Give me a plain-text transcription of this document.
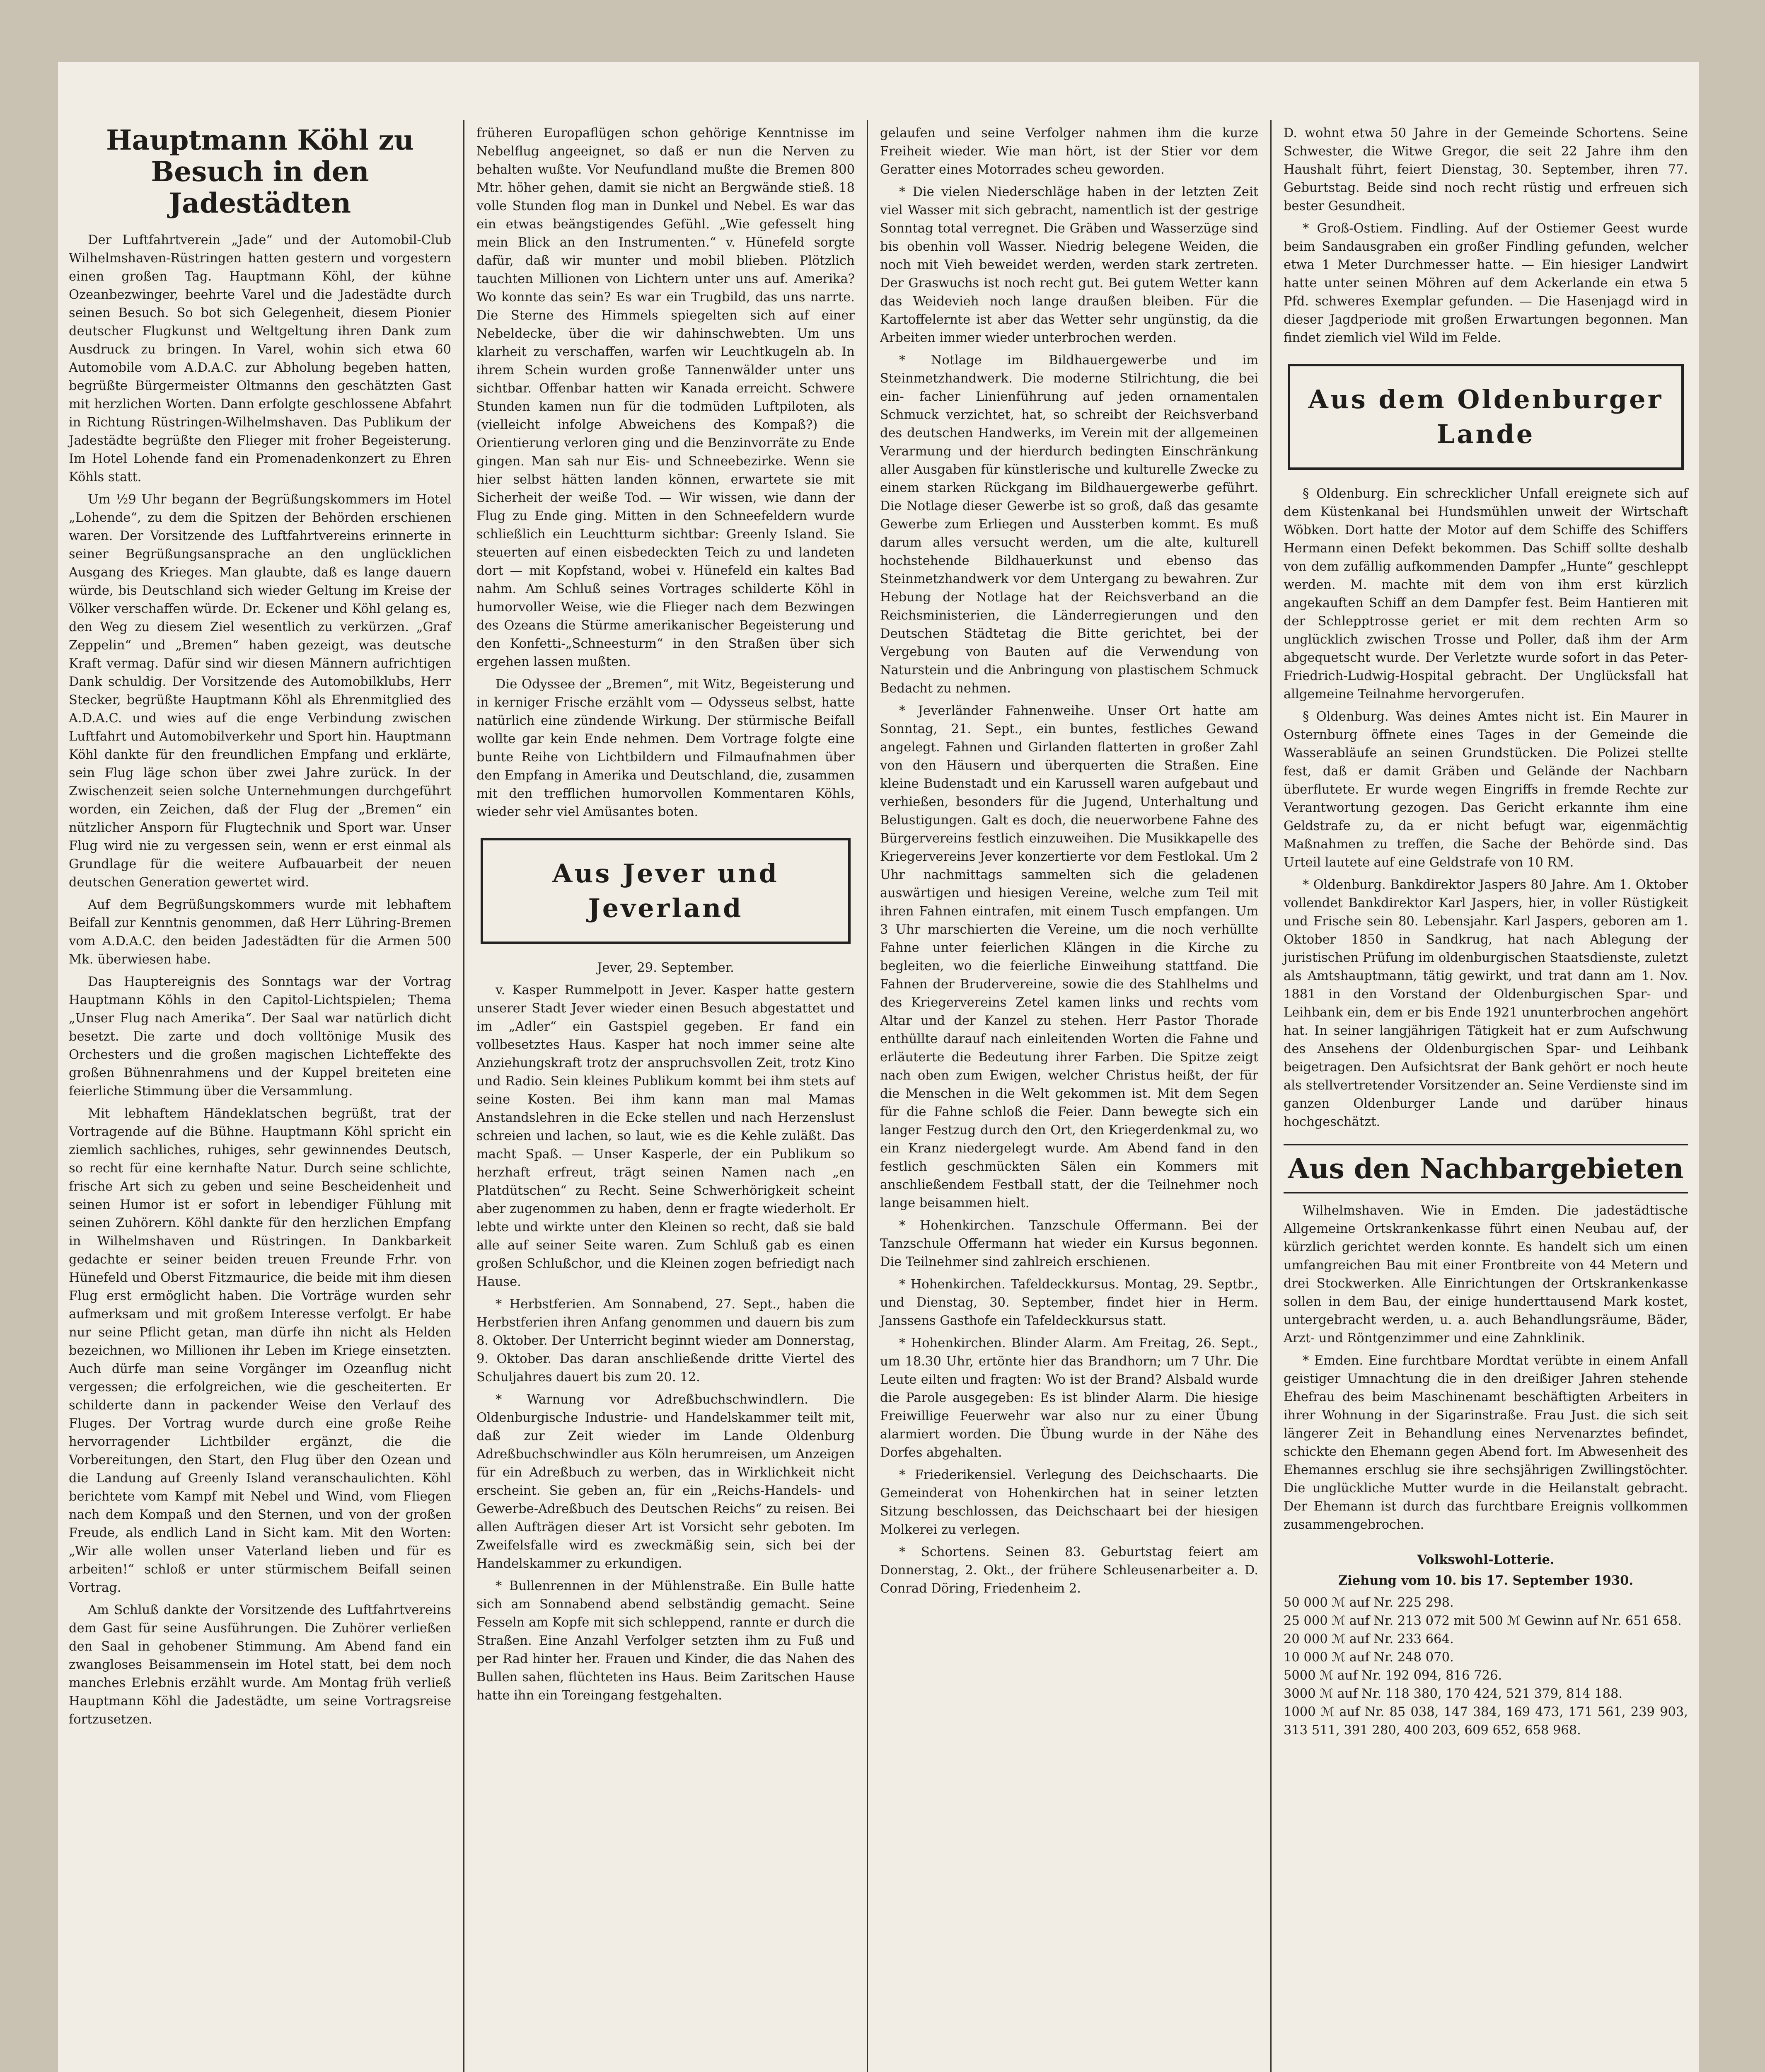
Hauptmann Köhl zu Besuch in den Jadestädten

Der Luftfahrtverein „Jade“ und der Automobil-Club Wilhelmshaven-Rüstringen hatten gestern und vorgestern einen großen Tag. Hauptmann Köhl, der kühne Ozeanbezwinger, beehrte Varel und die Jadestädte durch seinen Besuch. So bot sich Gelegenheit, diesem Pionier deutscher Flugkunst und Weltgeltung ihren Dank zum Ausdruck zu bringen. In Varel, wohin sich etwa 60 Automobile vom A.D.A.C. zur Abholung begeben hatten, begrüßte Bürgermeister Oltmanns den geschätzten Gast mit herzlichen Worten. Dann erfolgte geschlossene Abfahrt in Richtung Rüstringen-Wilhelmshaven. Das Publikum der Jadestädte begrüßte den Flieger mit froher Begeisterung. Im Hotel Lohende fand ein Promenadenkonzert zu Ehren Köhls statt.

Um ½9 Uhr begann der Begrüßungskommers im Hotel „Lohende“, zu dem die Spitzen der Behörden erschienen waren. Der Vorsitzende des Luftfahrtvereins erinnerte in seiner Begrüßungsansprache an den unglücklichen Ausgang des Krieges. Man glaubte, daß es lange dauern würde, bis Deutschland sich wieder Geltung im Kreise der Völker verschaffen würde. Dr. Eckener und Köhl gelang es, den Weg zu diesem Ziel wesentlich zu verkürzen. „Graf Zeppelin“ und „Bremen“ haben gezeigt, was deutsche Kraft vermag. Dafür sind wir diesen Männern aufrichtigen Dank schuldig. Der Vorsitzende des Automobilklubs, Herr Stecker, begrüßte Hauptmann Köhl als Ehrenmitglied des A.D.A.C. und wies auf die enge Verbindung zwischen Luftfahrt und Automobilverkehr und Sport hin. Hauptmann Köhl dankte für den freundlichen Empfang und erklärte, sein Flug läge schon über zwei Jahre zurück. In der Zwischenzeit seien solche Unternehmungen durchgeführt worden, ein Zeichen, daß der Flug der „Bremen“ ein nützlicher Ansporn für Flugtechnik und Sport war. Unser Flug wird nie zu vergessen sein, wenn er erst einmal als Grundlage für die weitere Aufbauarbeit der neuen deutschen Generation gewertet wird.

Auf dem Begrüßungskommers wurde mit lebhaftem Beifall zur Kenntnis genommen, daß Herr Lühring-Bremen vom A.D.A.C. den beiden Jadestädten für die Armen 500 Mk. überwiesen habe.

Das Hauptereignis des Sonntags war der Vortrag Hauptmann Köhls in den Capitol-Lichtspielen; Thema „Unser Flug nach Amerika“. Der Saal war natürlich dicht besetzt. Die zarte und doch volltönige Musik des Orchesters und die großen magischen Lichteffekte des großen Bühnenrahmens und der Kuppel breiteten eine feierliche Stimmung über die Versammlung.

Mit lebhaftem Händeklatschen begrüßt, trat der Vortragende auf die Bühne. Hauptmann Köhl spricht ein ziemlich sachliches, ruhiges, sehr gewinnendes Deutsch, so recht für eine kernhafte Natur. Durch seine schlichte, frische Art sich zu geben und seine Bescheidenheit und seinen Humor ist er sofort in lebendiger Fühlung mit seinen Zuhörern. Köhl dankte für den herzlichen Empfang in Wilhelmshaven und Rüstringen. In Dankbarkeit gedachte er seiner beiden treuen Freunde Frhr. von Hünefeld und Oberst Fitzmaurice, die beide mit ihm diesen Flug erst ermöglicht haben. Die Vorträge wurden sehr aufmerksam und mit großem Interesse verfolgt. Er habe nur seine Pflicht getan, man dürfe ihn nicht als Helden bezeichnen, wo Millionen ihr Leben im Kriege einsetzten. Auch dürfe man seine Vorgänger im Ozeanflug nicht vergessen; die erfolgreichen, wie die gescheiterten. Er schilderte dann in packender Weise den Verlauf des Fluges. Der Vortrag wurde durch eine große Reihe hervorragender Lichtbilder ergänzt, die die Vorbereitungen, den Start, den Flug über den Ozean und die Landung auf Greenly Island veranschaulichten. Köhl berichtete vom Kampf mit Nebel und Wind, vom Fliegen nach dem Kompaß und den Sternen, und von der großen Freude, als endlich Land in Sicht kam. Mit den Worten: „Wir alle wollen unser Vaterland lieben und für es arbeiten!“ schloß er unter stürmischem Beifall seinen Vortrag.

Am Schluß dankte der Vorsitzende des Luftfahrtvereins dem Gast für seine Ausführungen. Die Zuhörer verließen den Saal in gehobener Stimmung. Am Abend fand ein zwangloses Beisammensein im Hotel statt, bei dem noch manches Erlebnis erzählt wurde. Am Montag früh verließ Hauptmann Köhl die Jadestädte, um seine Vortragsreise fortzusetzen.

früheren Europaflügen schon gehörige Kenntnisse im Nebelflug angeeignet, so daß er nun die Nerven zu behalten wußte. Vor Neufundland mußte die Bremen 800 Mtr. höher gehen, damit sie nicht an Bergwände stieß. 18 volle Stunden flog man in Dunkel und Nebel. Es war das ein etwas beängstigendes Gefühl. „Wie gefesselt hing mein Blick an den Instrumenten.“ v. Hünefeld sorgte dafür, daß wir munter und mobil blieben. Plötzlich tauchten Millionen von Lichtern unter uns auf. Amerika? Wo konnte das sein? Es war ein Trugbild, das uns narrte. Die Sterne des Himmels spiegelten sich auf einer Nebeldecke, über die wir dahinschwebten. Um uns klarheit zu verschaffen, warfen wir Leuchtkugeln ab. In ihrem Schein wurden große Tannenwälder unter uns sichtbar. Offenbar hatten wir Kanada erreicht. Schwere Stunden kamen nun für die todmüden Luftpiloten, als (vielleicht infolge Abweichens des Kompaß?) die Orientierung verloren ging und die Benzinvorräte zu Ende gingen. Man sah nur Eis- und Schneebezirke. Wenn sie hier selbst hätten landen können, erwartete sie mit Sicherheit der weiße Tod. — Wir wissen, wie dann der Flug zu Ende ging. Mitten in den Schneefeldern wurde schließlich ein Leuchtturm sichtbar: Greenly Island. Sie steuerten auf einen eisbedeckten Teich zu und landeten dort — mit Kopfstand, wobei v. Hünefeld ein kaltes Bad nahm. Am Schluß seines Vortrages schilderte Köhl in humorvoller Weise, wie die Flieger nach dem Bezwingen des Ozeans die Stürme amerikanischer Begeisterung und den Konfetti-„Schneesturm“ in den Straßen über sich ergehen lassen mußten.

Die Odyssee der „Bremen“, mit Witz, Begeisterung und in kerniger Frische erzählt vom — Odysseus selbst, hatte natürlich eine zündende Wirkung. Der stürmische Beifall wollte gar kein Ende nehmen. Dem Vortrage folgte eine bunte Reihe von Lichtbildern und Filmaufnahmen über den Empfang in Amerika und Deutschland, die, zusammen mit den trefflichen humorvollen Kommentaren Köhls, wieder sehr viel Amüsantes boten.

Aus Jever und Jeverland
Jever, 29. September.

v. Kasper Rummelpott in Jever. Kasper hatte gestern unserer Stadt Jever wieder einen Besuch abgestattet und im „Adler“ ein Gastspiel gegeben. Er fand ein vollbesetztes Haus. Kasper hat noch immer seine alte Anziehungskraft trotz der anspruchsvollen Zeit, trotz Kino und Radio. Sein kleines Publikum kommt bei ihm stets auf seine Kosten. Bei ihm kann man mal Mamas Anstandslehren in die Ecke stellen und nach Herzenslust schreien und lachen, so laut, wie es die Kehle zuläßt. Das macht Spaß. — Unser Kasperle, der ein Publikum so herzhaft erfreut, trägt seinen Namen nach „en Platdütschen“ zu Recht. Seine Schwerhörigkeit scheint aber zugenommen zu haben, denn er fragte wiederholt. Er lebte und wirkte unter den Kleinen so recht, daß sie bald alle auf seiner Seite waren. Zum Schluß gab es einen großen Schlußchor, und die Kleinen zogen befriedigt nach Hause.

* Herbstferien. Am Sonnabend, 27. Sept., haben die Herbstferien ihren Anfang genommen und dauern bis zum 8. Oktober. Der Unterricht beginnt wieder am Donnerstag, 9. Oktober. Das daran anschließende dritte Viertel des Schuljahres dauert bis zum 20. 12.

* Warnung vor Adreßbuchschwindlern. Die Oldenburgische Industrie- und Handelskammer teilt mit, daß zur Zeit wieder im Lande Oldenburg Adreßbuchschwindler aus Köln herumreisen, um Anzeigen für ein Adreßbuch zu werben, das in Wirklichkeit nicht erscheint. Sie geben an, für ein „Reichs-Handels- und Gewerbe-Adreßbuch des Deutschen Reichs“ zu reisen. Bei allen Aufträgen dieser Art ist Vorsicht sehr geboten. Im Zweifelsfalle wird es zweckmäßig sein, sich bei der Handelskammer zu erkundigen.

* Bullenrennen in der Mühlenstraße. Ein Bulle hatte sich am Sonnabend abend selbständig gemacht. Seine Fesseln am Kopfe mit sich schleppend, rannte er durch die Straßen. Eine Anzahl Verfolger setzten ihm zu Fuß und per Rad hinter her. Frauen und Kinder, die das Nahen des Bullen sahen, flüchteten ins Haus. Beim Zaritschen Hause hatte ihn ein Toreingang festgehalten.

gelaufen und seine Verfolger nahmen ihm die kurze Freiheit wieder. Wie man hört, ist der Stier vor dem Geratter eines Motorrades scheu geworden.

* Die vielen Niederschläge haben in der letzten Zeit viel Wasser mit sich gebracht, namentlich ist der gestrige Sonntag total verregnet. Die Gräben und Wasserzüge sind bis obenhin voll Wasser. Niedrig belegene Weiden, die noch mit Vieh beweidet werden, werden stark zertreten. Der Graswuchs ist noch recht gut. Bei gutem Wetter kann das Weidevieh noch lange draußen bleiben. Für die Kartoffelernte ist aber das Wetter sehr ungünstig, da die Arbeiten immer wieder unterbrochen werden.

* Notlage im Bildhauergewerbe und im Steinmetzhandwerk. Die moderne Stilrichtung, die bei ein- facher Linienführung auf jeden ornamentalen Schmuck verzichtet, hat, so schreibt der Reichsverband des deutschen Handwerks, im Verein mit der allgemeinen Verarmung und der hierdurch bedingten Einschränkung aller Ausgaben für künstlerische und kulturelle Zwecke zu einem starken Rückgang im Bildhauergewerbe geführt. Die Notlage dieser Gewerbe ist so groß, daß das gesamte Gewerbe zum Erliegen und Aussterben kommt. Es muß darum alles versucht werden, um die alte, kulturell hochstehende Bildhauerkunst und ebenso das Steinmetzhandwerk vor dem Untergang zu bewahren. Zur Hebung der Notlage hat der Reichsverband an die Reichsministerien, die Länderregierungen und den Deutschen Städtetag die Bitte gerichtet, bei der Vergebung von Bauten auf die Verwendung von Naturstein und die Anbringung von plastischem Schmuck Bedacht zu nehmen.

* Jeverländer Fahnenweihe. Unser Ort hatte am Sonntag, 21. Sept., ein buntes, festliches Gewand angelegt. Fahnen und Girlanden flatterten in großer Zahl von den Häusern und überquerten die Straßen. Eine kleine Budenstadt und ein Karussell waren aufgebaut und verhießen, besonders für die Jugend, Unterhaltung und Belustigungen. Galt es doch, die neuerworbene Fahne des Bürgervereins festlich einzuweihen. Die Musikkapelle des Kriegervereins Jever konzertierte vor dem Festlokal. Um 2 Uhr nachmittags sammelten sich die geladenen auswärtigen und hiesigen Vereine, welche zum Teil mit ihren Fahnen eintrafen, mit einem Tusch empfangen. Um 3 Uhr marschierten die Vereine, um die noch verhüllte Fahne unter feierlichen Klängen in die Kirche zu begleiten, wo die feierliche Einweihung stattfand. Die Fahnen der Brudervereine, sowie die des Stahlhelms und des Kriegervereins Zetel kamen links und rechts vom Altar und der Kanzel zu stehen. Herr Pastor Thorade enthüllte darauf nach einleitenden Worten die Fahne und erläuterte die Bedeutung ihrer Farben. Die Spitze zeigt nach oben zum Ewigen, welcher Christus heißt, der für die Menschen in die Welt gekommen ist. Mit dem Segen für die Fahne schloß die Feier. Dann bewegte sich ein langer Festzug durch den Ort, den Kriegerdenkmal zu, wo ein Kranz niedergelegt wurde. Am Abend fand in den festlich geschmückten Sälen ein Kommers mit anschließendem Festball statt, der die Teilnehmer noch lange beisammen hielt.

* Hohenkirchen. Tanzschule Offermann. Bei der Tanzschule Offermann hat wieder ein Kursus begonnen. Die Teilnehmer sind zahlreich erschienen.

* Hohenkirchen. Tafeldeckkursus. Montag, 29. Septbr., und Dienstag, 30. September, findet hier in Herm. Janssens Gasthofe ein Tafeldeckkursus statt.

* Hohenkirchen. Blinder Alarm. Am Freitag, 26. Sept., um 18.30 Uhr, ertönte hier das Brandhorn; um 7 Uhr. Die Leute eilten und fragten: Wo ist der Brand? Alsbald wurde die Parole ausgegeben: Es ist blinder Alarm. Die hiesige Freiwillige Feuerwehr war also nur zu einer Übung alarmiert worden. Die Übung wurde in der Nähe des Dorfes abgehalten.

* Friederikensiel. Verlegung des Deichschaarts. Die Gemeinderat von Hohenkirchen hat in seiner letzten Sitzung beschlossen, das Deichschaart bei der hiesigen Molkerei zu verlegen.

* Schortens. Seinen 83. Geburtstag feiert am Donnerstag, 2. Okt., der frühere Schleusenarbeiter a. D. Conrad Döring, Friedenheim 2.

D. wohnt etwa 50 Jahre in der Gemeinde Schortens. Seine Schwester, die Witwe Gregor, die seit 22 Jahre ihm den Haushalt führt, feiert Dienstag, 30. September, ihren 77. Geburtstag. Beide sind noch recht rüstig und erfreuen sich bester Gesundheit.

* Groß-Ostiem. Findling. Auf der Ostiemer Geest wurde beim Sandausgraben ein großer Findling gefunden, welcher etwa 1 Meter Durchmesser hatte. — Ein hiesiger Landwirt hatte unter seinen Möhren auf dem Ackerlande ein etwa 5 Pfd. schweres Exemplar gefunden. — Die Hasenjagd wird in dieser Jagdperiode mit großen Erwartungen begonnen. Man findet ziemlich viel Wild im Felde.

Aus dem Oldenburger Lande

§ Oldenburg. Ein schrecklicher Unfall ereignete sich auf dem Küstenkanal bei Hundsmühlen unweit der Wirtschaft Wöbken. Dort hatte der Motor auf dem Schiffe des Schiffers Hermann einen Defekt bekommen. Das Schiff sollte deshalb von dem zufällig aufkommenden Dampfer „Hunte“ geschleppt werden. M. machte mit dem von ihm erst kürzlich angekauften Schiff an dem Dampfer fest. Beim Hantieren mit der Schlepptrosse geriet er mit dem rechten Arm so unglücklich zwischen Trosse und Poller, daß ihm der Arm abgequetscht wurde. Der Verletzte wurde sofort in das Peter-Friedrich-Ludwig-Hospital gebracht. Der Unglücksfall hat allgemeine Teilnahme hervorgerufen.

§ Oldenburg. Was deines Amtes nicht ist. Ein Maurer in Osternburg öffnete eines Tages in der Gemeinde die Wasserabläufe an seinen Grundstücken. Die Polizei stellte fest, daß er damit Gräben und Gelände der Nachbarn überflutete. Er wurde wegen Eingriffs in fremde Rechte zur Verantwortung gezogen. Das Gericht erkannte ihm eine Geldstrafe zu, da er nicht befugt war, eigenmächtig Maßnahmen zu treffen, die Sache der Behörde sind. Das Urteil lautete auf eine Geldstrafe von 10 RM.

* Oldenburg. Bankdirektor Jaspers 80 Jahre. Am 1. Oktober vollendet Bankdirektor Karl Jaspers, hier, in voller Rüstigkeit und Frische sein 80. Lebensjahr. Karl Jaspers, geboren am 1. Oktober 1850 in Sandkrug, hat nach Ablegung der juristischen Prüfung im oldenburgischen Staatsdienste, zuletzt als Amtshauptmann, tätig gewirkt, und trat dann am 1. Nov. 1881 in den Vorstand der Oldenburgischen Spar- und Leihbank ein, dem er bis Ende 1921 ununterbrochen angehört hat. In seiner langjährigen Tätigkeit hat er zum Aufschwung des Ansehens der Oldenburgischen Spar- und Leihbank beigetragen. Den Aufsichtsrat der Bank gehört er noch heute als stellvertretender Vorsitzender an. Seine Verdienste sind im ganzen Oldenburger Lande und darüber hinaus hochgeschätzt.

Aus den Nachbargebieten

Wilhelmshaven. Wie in Emden. Die jadestädtische Allgemeine Ortskrankenkasse führt einen Neubau auf, der kürzlich gerichtet werden konnte. Es handelt sich um einen umfangreichen Bau mit einer Frontbreite von 44 Metern und drei Stockwerken. Alle Einrichtungen der Ortskrankenkasse sollen in dem Bau, der einige hunderttausend Mark kostet, untergebracht werden, u. a. auch Behandlungsräume, Bäder, Arzt- und Röntgenzimmer und eine Zahnklinik.

* Emden. Eine furchtbare Mordtat verübte in einem Anfall geistiger Umnachtung die in den dreißiger Jahren stehende Ehefrau des beim Maschinenamt beschäftigten Arbeiters in ihrer Wohnung in der Sigarinstraße. Frau Just. die sich seit längerer Zeit in Behandlung eines Nervenarztes befindet, schickte den Ehemann gegen Abend fort. Im Abwesenheit des Ehemannes erschlug sie ihre sechsjährigen Zwillingstöchter. Die unglückliche Mutter wurde in die Heilanstalt gebracht. Der Ehemann ist durch das furchtbare Ereignis vollkommen zusammengebrochen.

Volkswohl-Lotterie.
Ziehung vom 10. bis 17. September 1930.

50 000 ℳ auf Nr. 225 298.

25 000 ℳ auf Nr. 213 072 mit 500 ℳ Gewinn auf Nr. 651 658.

20 000 ℳ auf Nr. 233 664.

10 000 ℳ auf Nr. 248 070.

5000 ℳ auf Nr. 192 094, 816 726.

3000 ℳ auf Nr. 118 380, 170 424, 521 379, 814 188.

1000 ℳ auf Nr. 85 038, 147 384, 169 473, 171 561, 239 903, 313 511, 391 280, 400 203, 609 652, 658 968.
